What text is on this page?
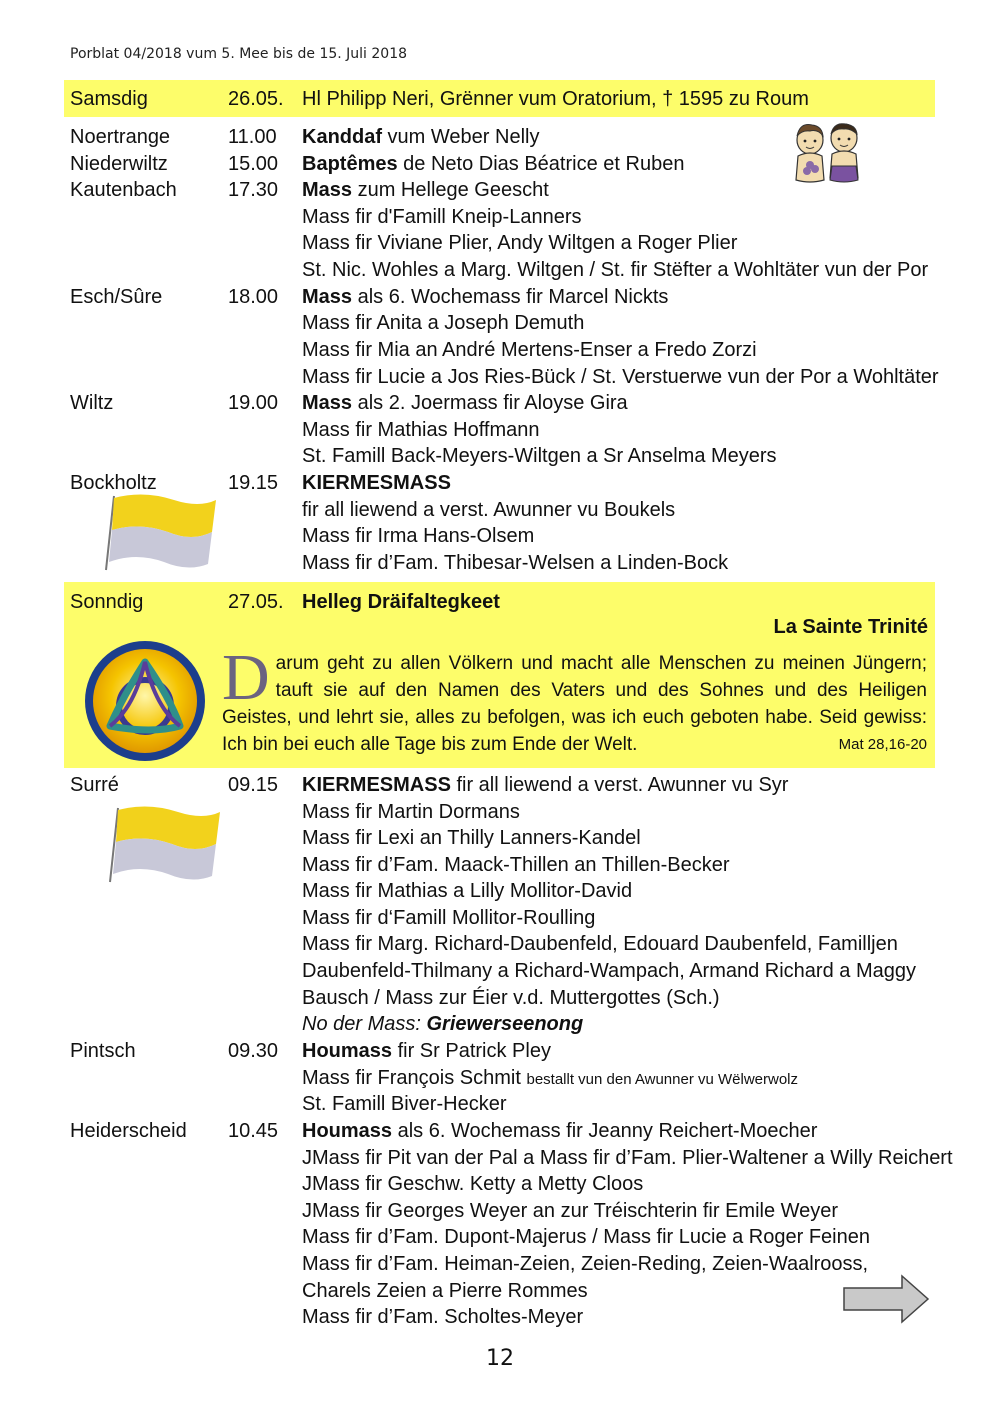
Porblat 04/2018 vum 5. Mee bis de 15. Juli 2018
Samsdig	26.05. Hl Philipp Neri, Grënner vum Oratorium, † 1595 zu Roum
Noertrange	11.00 Kanddaf vum Weber Nelly
Niederwiltz	15.00 Baptêmes de Neto Dias Béatrice et Ruben
Kautenbach	17.30 Mass zum Hellege Geescht
Mass fir d'Famill Kneip-Lanners
Mass fir Viviane Plier, Andy Wiltgen a Roger Plier
St. Nic. Wohles a Marg. Wiltgen / St. fir Stëfter a Wohltäter vun der Por
Esch/Sûre	18.00 Mass als 6. Wochemass fir Marcel Nickts
Mass fir Anita a Joseph Demuth
Mass fir Mia an André Mertens-Enser a Fredo Zorzi
Mass fir Lucie a Jos Ries-Bück / St. Verstuerwe vun der Por a Wohltäter
Wiltz	19.00 Mass als 2. Joermass fir Aloyse Gira
Mass fir Mathias Hoffmann
St. Famill Back-Meyers-Wiltgen a Sr Anselma Meyers
Bockholtz	19.15 KIERMESMASS
fir all liewend a verst. Awunner vu Boukels
Mass fir Irma Hans-Olsem
Mass fir d’Fam. Thibesar-Welsen a Linden-Bock
Sonndig	27.05. Helleg Dräifaltegkeet
La Sainte Trinité
Darum geht zu allen Völkern und macht alle Menschen zu meinen Jüngern; tauft sie auf den Namen des Vaters und des Sohnes und des Heiligen Geistes, und lehrt sie, alles zu befolgen, was ich euch geboten habe. Seid gewiss: Ich bin bei euch alle Tage bis zum Ende der Welt.	Mat 28,16-20
Surré	09.15 KIERMESMASS fir all liewend a verst. Awunner vu Syr
Mass fir Martin Dormans
Mass fir Lexi an Thilly Lanners-Kandel
Mass fir d’Fam. Maack-Thillen an Thillen-Becker
Mass fir Mathias a Lilly Mollitor-David
Mass fir d‘Famill Mollitor-Roulling
Mass fir Marg. Richard-Daubenfeld, Edouard Daubenfeld, Familljen
Daubenfeld-Thilmany a Richard-Wampach, Armand Richard a Maggy
Bausch / Mass zur Éier v.d. Muttergottes (Sch.)
No der Mass: Griewerseenong
Pintsch	09.30 Houmass fir Sr Patrick Pley
Mass fir François Schmit bestallt vun den Awunner vu Wëlwerwolz
St. Famill Biver-Hecker
Heiderscheid 10.45 Houmass als 6. Wochemass fir Jeanny Reichert-Moecher
JMass fir Pit van der Pal a Mass fir d’Fam. Plier-Waltener a Willy Reichert
JMass fir Geschw. Ketty a Metty Cloos
JMass fir Georges Weyer an zur Tréischterin fir Emile Weyer
Mass fir d’Fam. Dupont-Majerus / Mass fir Lucie a Roger Feinen
Mass fir d’Fam. Heiman-Zeien, Zeien-Reding, Zeien-Waalrooss,
Charels Zeien a Pierre Rommes
Mass fir d’Fam. Scholtes-Meyer
12
